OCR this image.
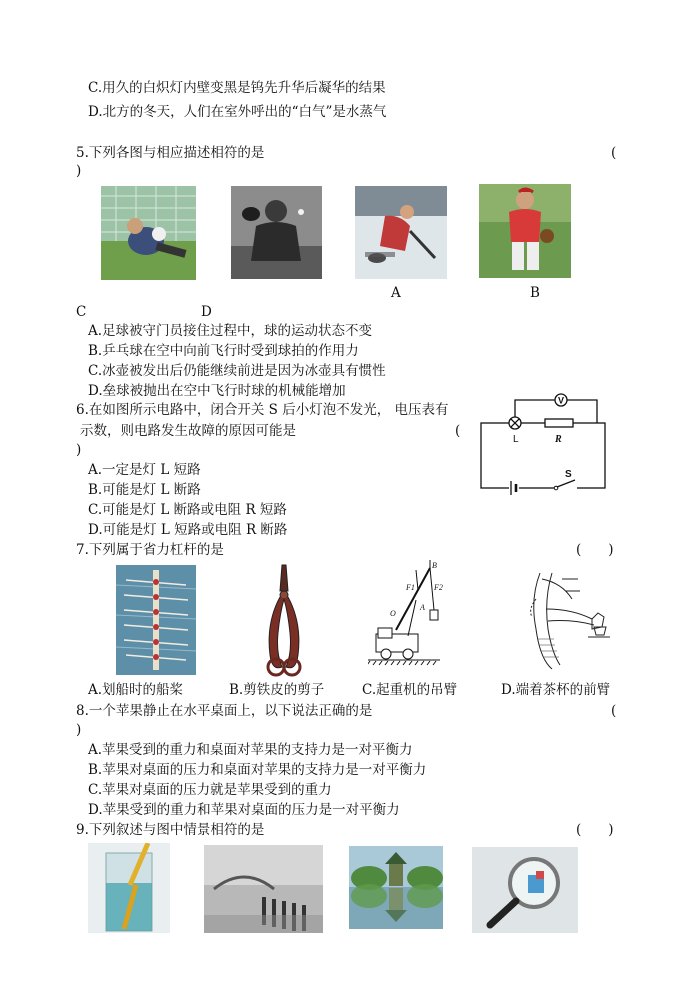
C.用久的白炽灯内壁变黑是钨先升华后凝华的结果
D.北方的冬天，人们在室外呼出的“白气”是水蒸气
5.下列各图与相应描述相符的是	(
)
A	B
C	D
A.足球被守门员接住过程中，球的运动状态不变
B.乒乓球在空中向前飞行时受到球拍的作用力
C.冰壶被发出后仍能继续前进是因为冰壶具有惯性
D.垒球被抛出在空中飞行时球的机械能增加
6.在如图所示电路中，闭合开关 S 后小灯泡不发光， 电压表有
示数，则电路发生故障的原因可能是	(
)
A.一定是灯 L 短路
B.可能是灯 L 断路
C.可能是灯 L 断路或电阻 R 短路
D.可能是灯 L 短路或电阻 R 断路
V
L	R
S
7.下列属于省力杠杆的是	(　　)
B
F1 F2
O
A
A.划船时的船桨	B.剪铁皮的剪子	C.起重机的吊臂	D.端着茶杯的前臂
8.一个苹果静止在水平桌面上，以下说法正确的是	(
)
A.苹果受到的重力和桌面对苹果的支持力是一对平衡力
B.苹果对桌面的压力和桌面对苹果的支持力是一对平衡力
C.苹果对桌面的压力就是苹果受到的重力
D.苹果受到的重力和苹果对桌面的压力是一对平衡力
9.下列叙述与图中情景相符的是	(　　)
